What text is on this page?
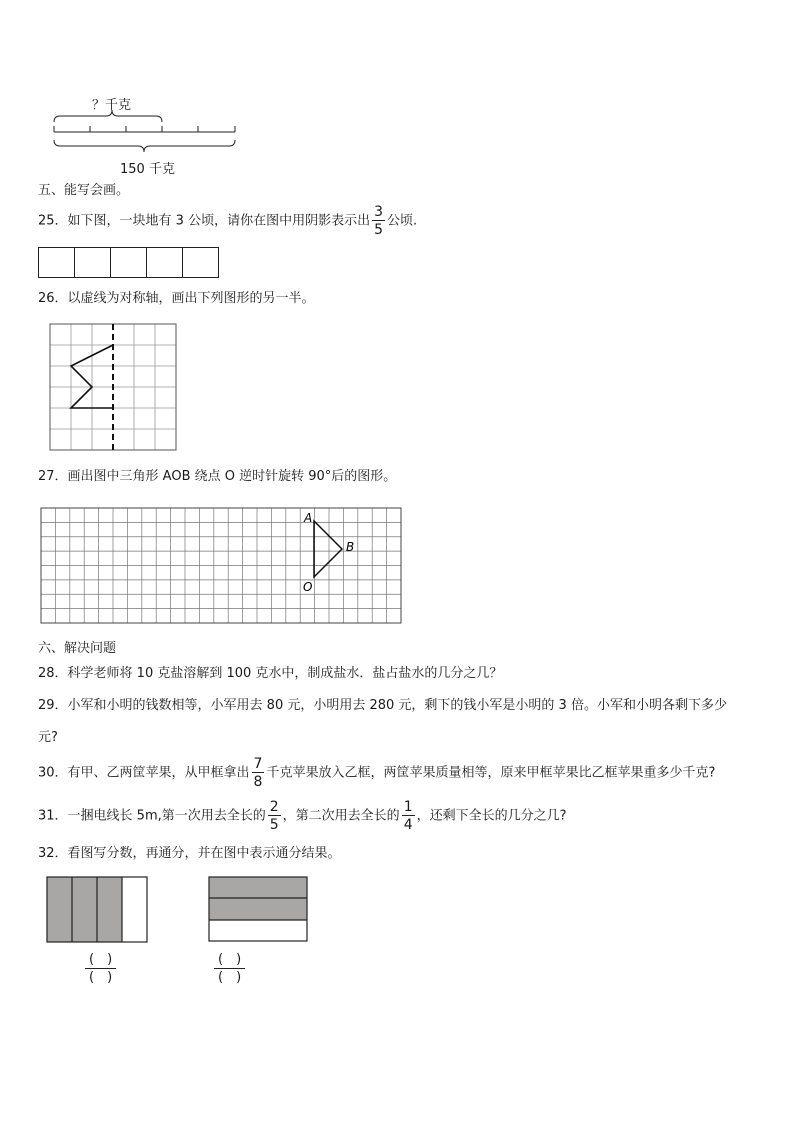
？千克
150 千克
五、能写会画。
25．如下图，一块地有 3 公顷，请你在图中用阴影表示出 $\frac{3}{5}$ 公顷.
26．以虚线为对称轴，画出下列图形的另一半。
27．画出图中三角形 AOB 绕点 O 逆时针旋转 90°后的图形。
A
B
O
六、解决问题
28．科学老师将 10 克盐溶解到 100 克水中，制成盐水．盐占盐水的几分之几？
29．小军和小明的钱数相等，小军用去 80 元，小明用去 280 元，剩下的钱小军是小明的 3 倍。小军和小明各剩下多少
元?
30．有甲、乙两筐苹果，从甲框拿出 $\frac{7}{8}$ 千克苹果放入乙框，两筐苹果质量相等，原来甲框苹果比乙框苹果重多少千克?
31．一捆电线长 5m,第一次用去全长的 $\frac{2}{5}$ ，第二次用去全长的 $\frac{1}{4}$ ，还剩下全长的几分之几?
32．看图写分数，再通分，并在图中表示通分结果。
(　)
(　)
(　)
(　)
